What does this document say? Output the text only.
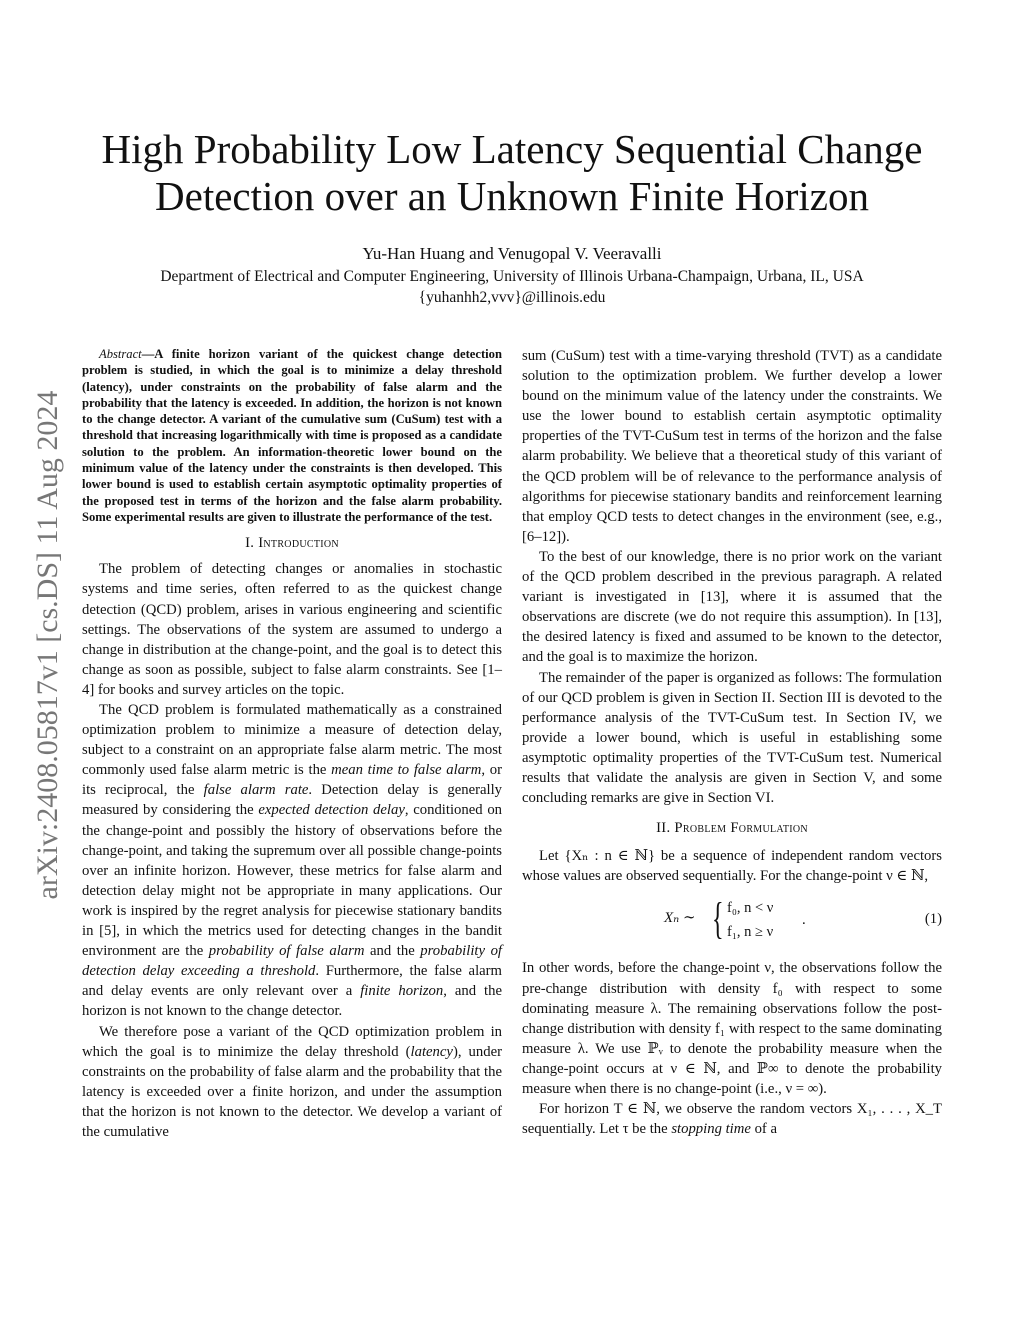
arXiv:2408.05817v1 [cs.DS] 11 Aug 2024
High Probability Low Latency Sequential Change
Detection over an Unknown Finite Horizon
Yu-Han Huang and Venugopal V. Veeravalli
Department of Electrical and Computer Engineering, University of Illinois Urbana-Champaign, Urbana, IL, USA
{yuhanhh2,vvv}@illinois.edu

Abstract—A finite horizon variant of the quickest change detection problem is studied, in which the goal is to minimize a delay threshold (latency), under constraints on the probability of false alarm and the probability that the latency is exceeded. In addition, the horizon is not known to the change detector. A variant of the cumulative sum (CuSum) test with a threshold that increasing logarithmically with time is proposed as a candidate solution to the problem. An information-theoretic lower bound on the minimum value of the latency under the constraints is then developed. This lower bound is used to establish certain asymptotic optimality properties of the proposed test in terms of the horizon and the false alarm probability. Some experimental results are given to illustrate the performance of the test.

I. Introduction

The problem of detecting changes or anomalies in stochastic systems and time series, often referred to as the quickest change detection (QCD) problem, arises in various engineering and scientific settings. The observations of the system are assumed to undergo a change in distribution at the change-point, and the goal is to detect this change as soon as possible, subject to false alarm constraints. See [1–4] for books and survey articles on the topic.

The QCD problem is formulated mathematically as a constrained optimization problem to minimize a measure of detection delay, subject to a constraint on an appropriate false alarm metric. The most commonly used false alarm metric is the mean time to false alarm, or its reciprocal, the false alarm rate. Detection delay is generally measured by considering the expected detection delay, conditioned on the change-point and possibly the history of observations before the change-point, and taking the supremum over all possible change-points over an infinite horizon. However, these metrics for false alarm and detection delay might not be appropriate in many applications. Our work is inspired by the regret analysis for piecewise stationary bandits in [5], in which the metrics used for detecting changes in the bandit environment are the probability of false alarm and the probability of detection delay exceeding a threshold. Furthermore, the false alarm and delay events are only relevant over a finite horizon, and the horizon is not known to the change detector.

We therefore pose a variant of the QCD optimization problem in which the goal is to minimize the delay threshold (latency), under constraints on the probability of false alarm and the probability that the latency is exceeded over a finite horizon, and under the assumption that the horizon is not known to the detector. We develop a variant of the cumulative

sum (CuSum) test with a time-varying threshold (TVT) as a candidate solution to the optimization problem. We further develop a lower bound on the minimum value of the latency under the constraints. We use the lower bound to establish certain asymptotic optimality properties of the TVT-CuSum test in terms of the horizon and the false alarm probability. We believe that a theoretical study of this variant of the QCD problem will be of relevance to the performance analysis of algorithms for piecewise stationary bandits and reinforcement learning that employ QCD tests to detect changes in the environment (see, e.g., [6–12]).

To the best of our knowledge, there is no prior work on the variant of the QCD problem described in the previous paragraph. A related variant is investigated in [13], where it is assumed that the observations are discrete (we do not require this assumption). In [13], the desired latency is fixed and assumed to be known to the detector, and the goal is to maximize the horizon.

The remainder of the paper is organized as follows: The formulation of our QCD problem is given in Section II. Section III is devoted to the performance analysis of the TVT-CuSum test. In Section IV, we provide a lower bound, which is useful in establishing some asymptotic optimality properties of the TVT-CuSum test. Numerical results that validate the analysis are given in Section V, and some concluding remarks are give in Section VI.

II. Problem Formulation

Let {Xₙ : n ∈ ℕ} be a sequence of independent random vectors whose values are observed sequentially. For the change-point ν ∈ ℕ,

Xₙ ∼ { f₀, n < ν
f₁, n ≥ ν
.	(1)

In other words, before the change-point ν, the observations follow the pre-change distribution with density f₀ with respect to some dominating measure λ. The remaining observations follow the post-change distribution with density f₁ with respect to the same dominating measure λ. We use ℙᵥ to denote the probability measure when the change-point occurs at ν ∈ ℕ, and ℙ∞ to denote the probability measure when there is no change-point (i.e., ν = ∞).

For horizon T ∈ ℕ, we observe the random vectors X₁, . . . , X_T sequentially. Let τ be the stopping time of a
